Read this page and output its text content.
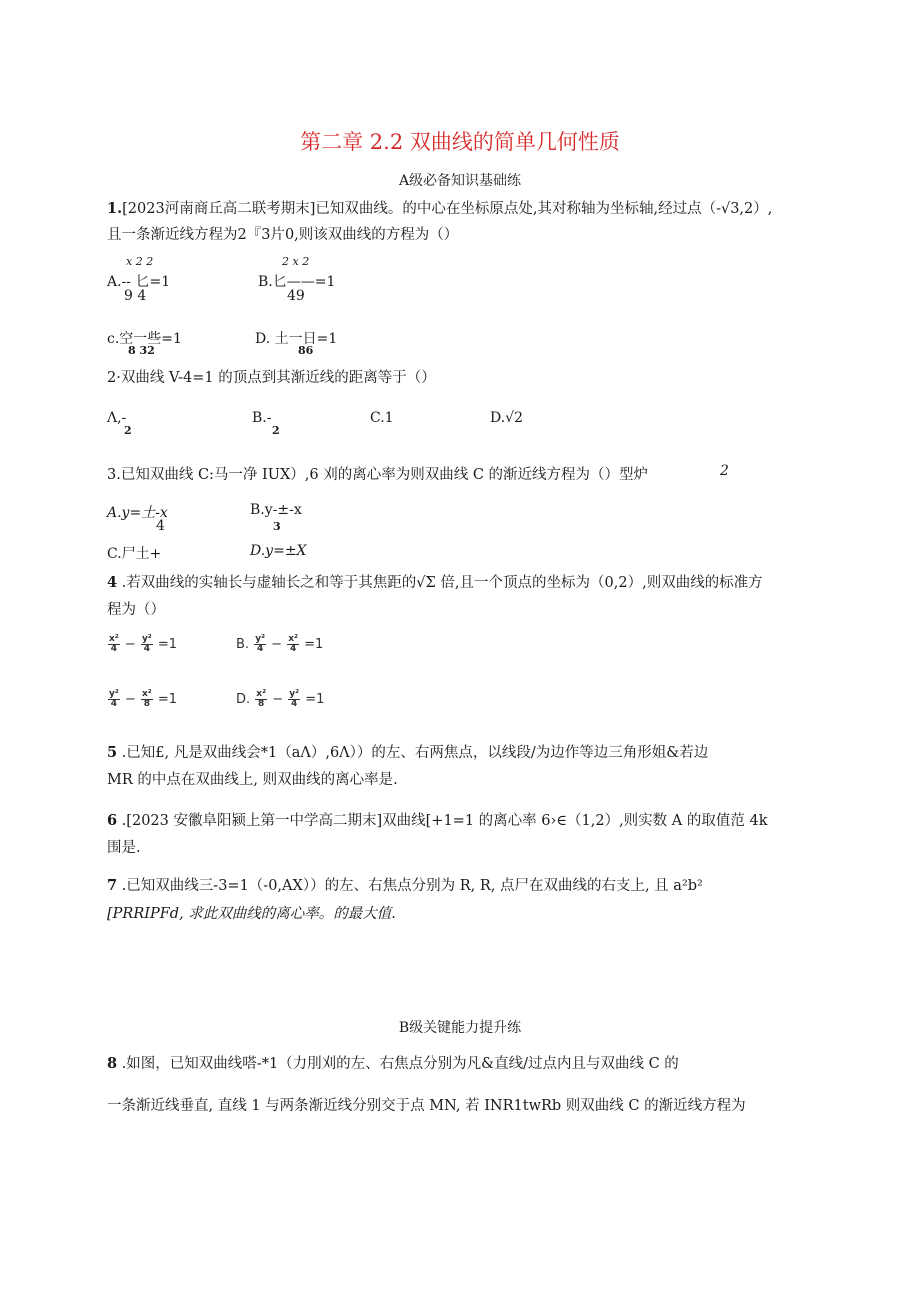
第二章 2.2 双曲线的简单几何性质
A级必备知识基础练
1.[2023河南商丘高二联考期末]已知双曲线。的中心在坐标原点处,其对称轴为坐标轴,经过点（-√3,2）,
且一条渐近线方程为2『3片0,则该双曲线的方程为（）
x 2 2
A.-- 匕=1
9 4
2 x 2
B.匕——=1
49
c.空一些=1
8 32
D. 土一日=1
86
2·双曲线 V-4=1 的顶点到其渐近线的距离等于（）
Λ,-
2
B.-
2
C.1	D.√2
3.已知双曲线 C:马一净 IUX）,6 刈的离心率为则双曲线 C 的渐近线方程为（）型炉	2
A.y=土-x
4
B.y-±-x
3
C.尸土+	D.y=±X
4 .若双曲线的实轴长与虚轴长之和等于其焦距的√Σ 倍,且一个顶点的坐标为（0,2）,则双曲线的标准方
程为（）
$\frac{\text{x²}}{4} - \frac{\text{y²}}{4} =1$	B. $\frac{\text{y²}}{4} - \frac{\text{x²}}{4} =1$
$\frac{\text{y²}}{4} - \frac{\text{x²}}{8} =1$	D. $\frac{\text{x²}}{8} - \frac{\text{y²}}{4} =1$
5 .已知£, 凡是双曲线会*1（aΛ）,6Λ））的左、右两焦点，以线段/为边作等边三角形姐&若边
MR 的中点在双曲线上, 则双曲线的离心率是.
6 .[2023 安徽阜阳颍上第一中学高二期末]双曲线[+1=1 的离心率 6›∈（1,2）,则实数 A 的取值范 4k
围是.
7 .已知双曲线三-3=1（-0,AX））的左、右焦点分别为 R, R, 点尸在双曲线的右支上, 且 a²b²
[PRRIPFd, 求此双曲线的离心率。的最大值.
B级关键能力提升练
8 .如图，已知双曲线嗒-*1（力刖刈的左、右焦点分别为凡&直线/过点内且与双曲线 C 的
一条渐近线垂直, 直线 1 与两条渐近线分别交于点 MN, 若 INR1twRb 则双曲线 C 的渐近线方程为
